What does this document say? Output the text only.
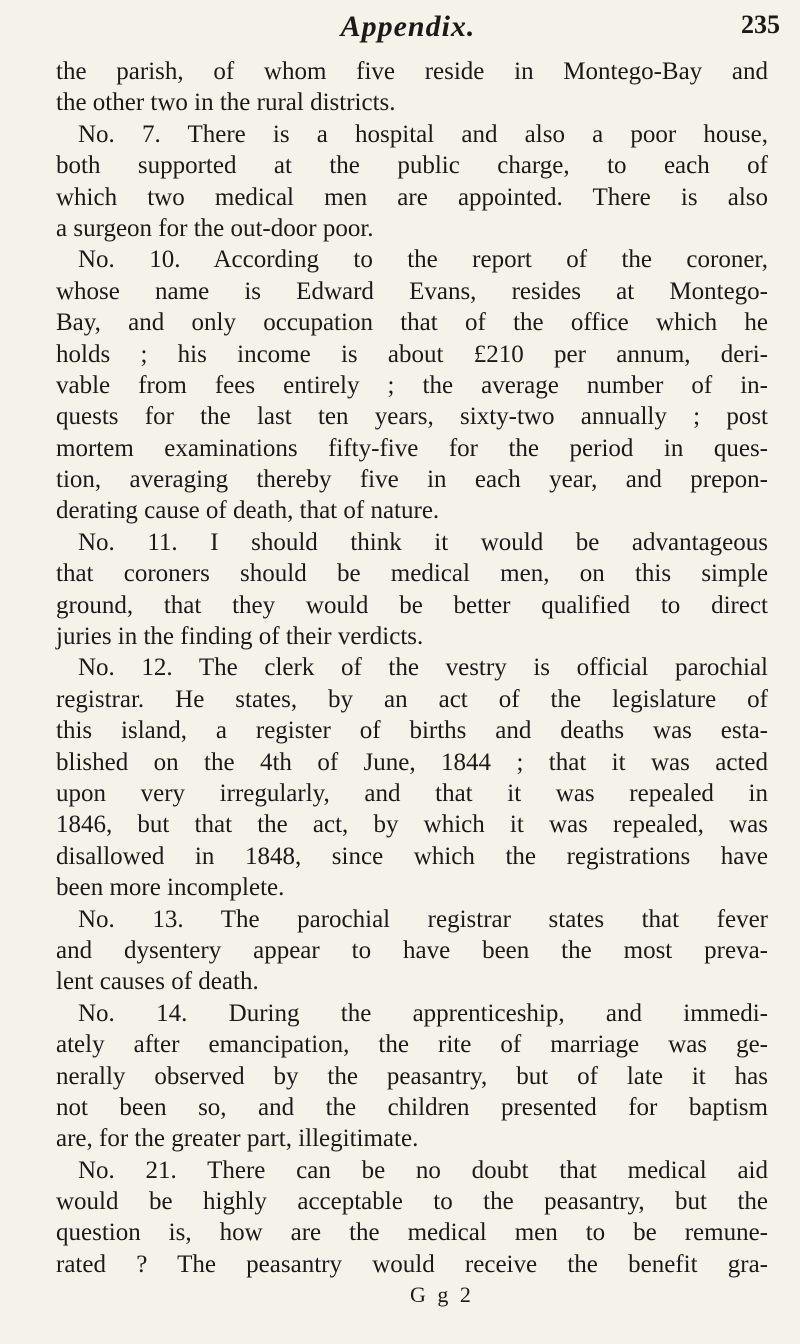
Appendix.	235
the parish, of whom five reside in Montego-Bay and
the other two in the rural districts.
No. 7. There is a hospital and also a poor house,
both supported at the public charge, to each of
which two medical men are appointed. There is also
a surgeon for the out-door poor.
No. 10. According to the report of the coroner,
whose name is Edward Evans, resides at Montego-
Bay, and only occupation that of the office which he
holds ; his income is about £210 per annum, deri-
vable from fees entirely ; the average number of in-
quests for the last ten years, sixty-two annually ; post
mortem examinations fifty-five for the period in ques-
tion, averaging thereby five in each year, and prepon-
derating cause of death, that of nature.
No. 11. I should think it would be advantageous
that coroners should be medical men, on this simple
ground, that they would be better qualified to direct
juries in the finding of their verdicts.
No. 12. The clerk of the vestry is official parochial
registrar. He states, by an act of the legislature of
this island, a register of births and deaths was esta-
blished on the 4th of June, 1844 ; that it was acted
upon very irregularly, and that it was repealed in
1846, but that the act, by which it was repealed, was
disallowed in 1848, since which the registrations have
been more incomplete.
No. 13. The parochial registrar states that fever
and dysentery appear to have been the most preva-
lent causes of death.
No. 14. During the apprenticeship, and immedi-
ately after emancipation, the rite of marriage was ge-
nerally observed by the peasantry, but of late it has
not been so, and the children presented for baptism
are, for the greater part, illegitimate.
No. 21. There can be no doubt that medical aid
would be highly acceptable to the peasantry, but the
question is, how are the medical men to be remune-
rated ? The peasantry would receive the benefit gra-
G g 2
